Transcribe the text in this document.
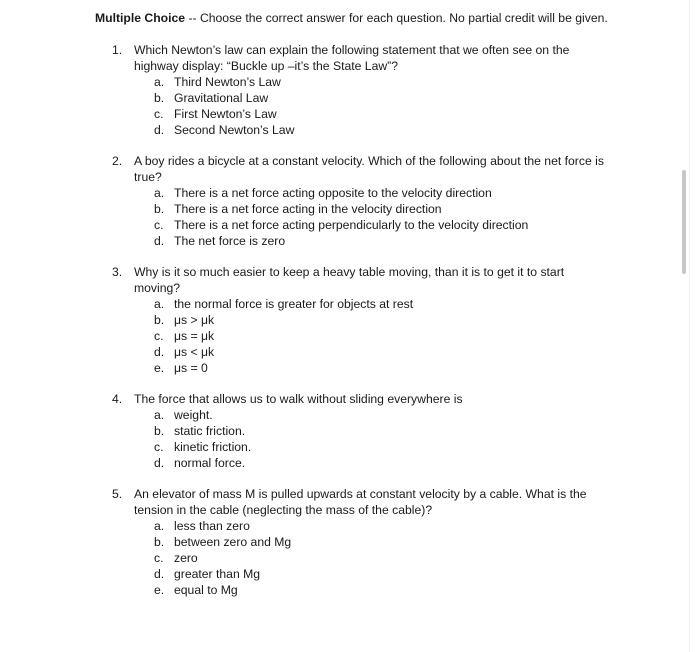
Multiple Choice -- Choose the correct answer for each question. No partial credit will be given.
1. Which Newton’s law can explain the following statement that we often see on the highway display: “Buckle up –it’s the State Law”?
a. Third Newton’s Law
b. Gravitational Law
c. First Newton’s Law
d. Second Newton’s Law
2. A boy rides a bicycle at a constant velocity. Which of the following about the net force is true?
a. There is a net force acting opposite to the velocity direction
b. There is a net force acting in the velocity direction
c. There is a net force acting perpendicularly to the velocity direction
d. The net force is zero
3. Why is it so much easier to keep a heavy table moving, than it is to get it to start moving?
a. the normal force is greater for objects at rest
b. μs > μk
c. μs = μk
d. μs < μk
e. μs = 0
4. The force that allows us to walk without sliding everywhere is
a. weight.
b. static friction.
c. kinetic friction.
d. normal force.
5. An elevator of mass M is pulled upwards at constant velocity by a cable. What is the tension in the cable (neglecting the mass of the cable)?
a. less than zero
b. between zero and Mg
c. zero
d. greater than Mg
e. equal to Mg
